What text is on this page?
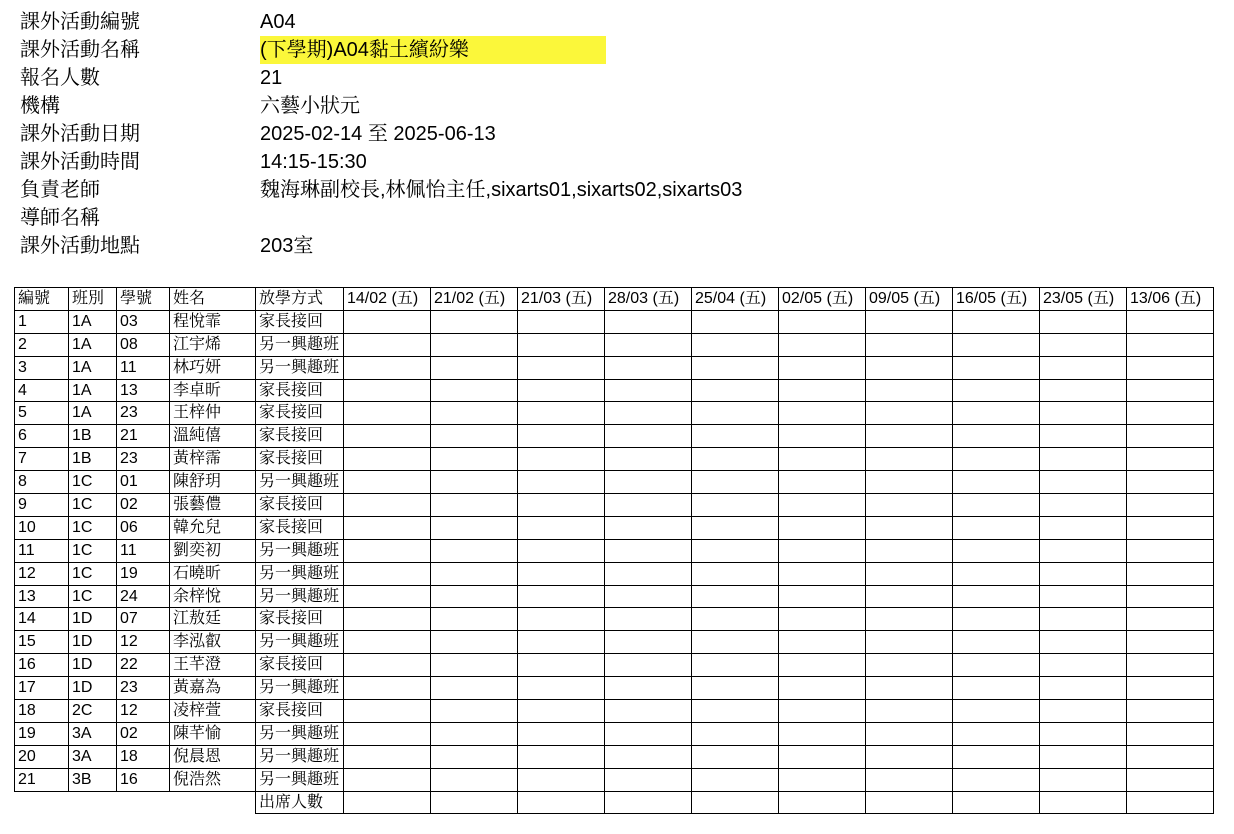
課外活動編號	A04
課外活動名稱	(下學期)A04黏土繽紛樂
報名人數	21
機構	六藝小狀元
課外活動日期	2025-02-14 至 2025-06-13
課外活動時間	14:15-15:30
負責老師	魏海琳副校長,林佩怡主任,sixarts01,sixarts02,sixarts03
導師名稱
課外活動地點	203室
編號	班別	學號	姓名	放學方式	14/02 (五)	21/02 (五)	21/03 (五)	28/03 (五)	25/04 (五)	02/05 (五)	09/05 (五)	16/05 (五)	23/05 (五)	13/06 (五)
1	1A	03	程悅霏	家長接回										
2	1A	08	江宇烯	另一興趣班										
3	1A	11	林巧妍	另一興趣班										
4	1A	13	李卓昕	家長接回										
5	1A	23	王梓仲	家長接回										
6	1B	21	溫純僖	家長接回										
7	1B	23	黃梓霈	家長接回										
8	1C	01	陳舒玥	另一興趣班										
9	1C	02	張藝僼	家長接回										
10	1C	06	韓允兒	家長接回										
11	1C	11	劉奕初	另一興趣班										
12	1C	19	石曉昕	另一興趣班										
13	1C	24	余梓悅	另一興趣班										
14	1D	07	江敖廷	家長接回										
15	1D	12	李泓叡	另一興趣班										
16	1D	22	王芊澄	家長接回										
17	1D	23	黃嘉為	另一興趣班										
18	2C	12	凌梓萱	家長接回										
19	3A	02	陳芊愉	另一興趣班										
20	3A	18	倪晨恩	另一興趣班										
21	3B	16	倪浩然	另一興趣班										
				出席人數										
